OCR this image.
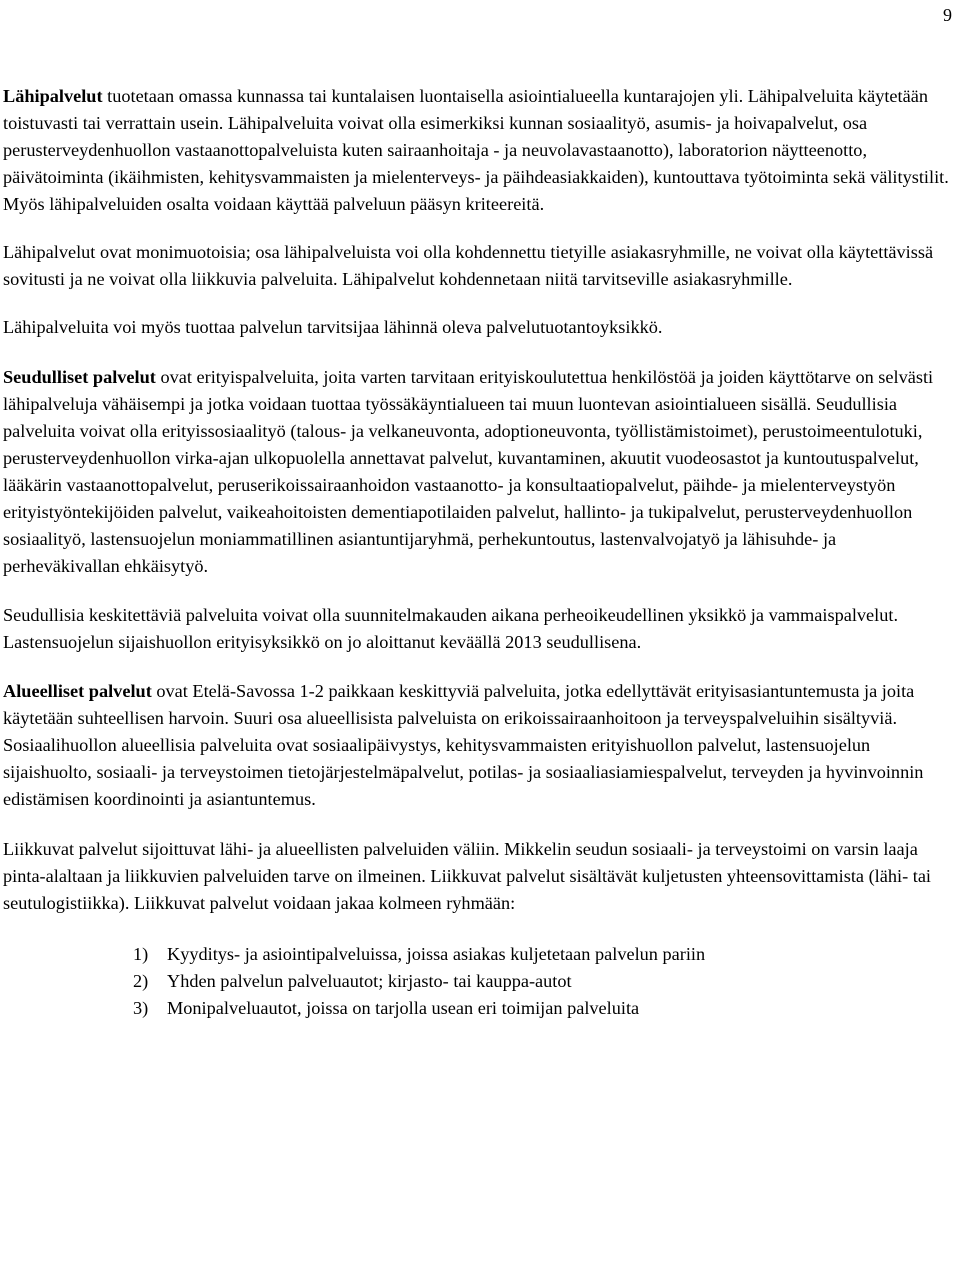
9

Lähipalvelut tuotetaan omassa kunnassa tai kuntalaisen luontaisella asiointialueella kuntarajojen yli. Lähipalveluita käytetään toistuvasti tai verrattain usein. Lähipalveluita voivat olla esimerkiksi kunnan sosiaalityö, asumis- ja hoivapalvelut, osa perusterveydenhuollon vastaanottopalveluista kuten sairaanhoitaja - ja neuvolavastaanotto), laboratorion näytteenotto, päivätoiminta (ikäihmisten, kehitysvammaisten ja mielenterveys- ja päihdeasiakkaiden), kuntouttava työtoiminta sekä välitystilit. Myös lähipalveluiden osalta voidaan käyttää palveluun pääsyn kriteereitä.

Lähipalvelut ovat monimuotoisia; osa lähipalveluista voi olla kohdennettu tietyille asiakasryhmille, ne voivat olla käytettävissä sovitusti ja ne voivat olla liikkuvia palveluita. Lähipalvelut kohdennetaan niitä tarvitseville asiakasryhmille.

Lähipalveluita voi myös tuottaa palvelun tarvitsijaa lähinnä oleva palvelutuotantoyksikkö.

Seudulliset palvelut ovat erityispalveluita, joita varten tarvitaan erityiskoulutettua henkilöstöä ja joiden käyttötarve on selvästi lähipalveluja vähäisempi ja jotka voidaan tuottaa työssäkäyntialueen tai muun luontevan asiointialueen sisällä. Seudullisia palveluita voivat olla erityissosiaalityö (talous- ja velkaneuvonta, adoptioneuvonta, työllistämistoimet), perustoimeentulotuki, perusterveydenhuollon virka-ajan ulkopuolella annettavat palvelut, kuvantaminen, akuutit vuodeosastot ja kuntoutuspalvelut, lääkärin vastaanottopalvelut, peruserikoissairaanhoidon vastaanotto- ja konsultaatiopalvelut, päihde- ja mielenterveystyön erityistyöntekijöiden palvelut, vaikeahoitoisten dementiapotilaiden palvelut, hallinto- ja tukipalvelut, perusterveydenhuollon sosiaalityö, lastensuojelun moniammatillinen asiantuntijaryhmä, perhekuntoutus, lastenvalvojatyö ja lähisuhde- ja perheväkivallan ehkäisytyö.

Seudullisia keskitettäviä palveluita voivat olla suunnitelmakauden aikana perheoikeudellinen yksikkö ja vammaispalvelut. Lastensuojelun sijaishuollon erityisyksikkö on jo aloittanut keväällä 2013 seudullisena.

Alueelliset palvelut ovat Etelä-Savossa 1-2 paikkaan keskittyviä palveluita, jotka edellyttävät erityisasiantuntemusta ja joita käytetään suhteellisen harvoin. Suuri osa alueellisista palveluista on erikoissairaanhoitoon ja terveyspalveluihin sisältyviä. Sosiaalihuollon alueellisia palveluita ovat sosiaalipäivystys, kehitysvammaisten erityishuollon palvelut, lastensuojelun sijaishuolto, sosiaali- ja terveystoimen tietojärjestelmäpalvelut, potilas- ja sosiaaliasiamiespalvelut, terveyden ja hyvinvoinnin edistämisen koordinointi ja asiantuntemus.

Liikkuvat palvelut sijoittuvat lähi- ja alueellisten palveluiden väliin. Mikkelin seudun sosiaali- ja terveystoimi on varsin laaja pinta-alaltaan ja liikkuvien palveluiden tarve on ilmeinen. Liikkuvat palvelut sisältävät kuljetusten yhteensovittamista (lähi- tai seutulogistiikka). Liikkuvat palvelut voidaan jakaa kolmeen ryhmään:

1) Kyyditys- ja asiointipalveluissa, joissa asiakas kuljetetaan palvelun pariin
2) Yhden palvelun palveluautot; kirjasto- tai kauppa-autot
3) Monipalveluautot, joissa on tarjolla usean eri toimijan palveluita
